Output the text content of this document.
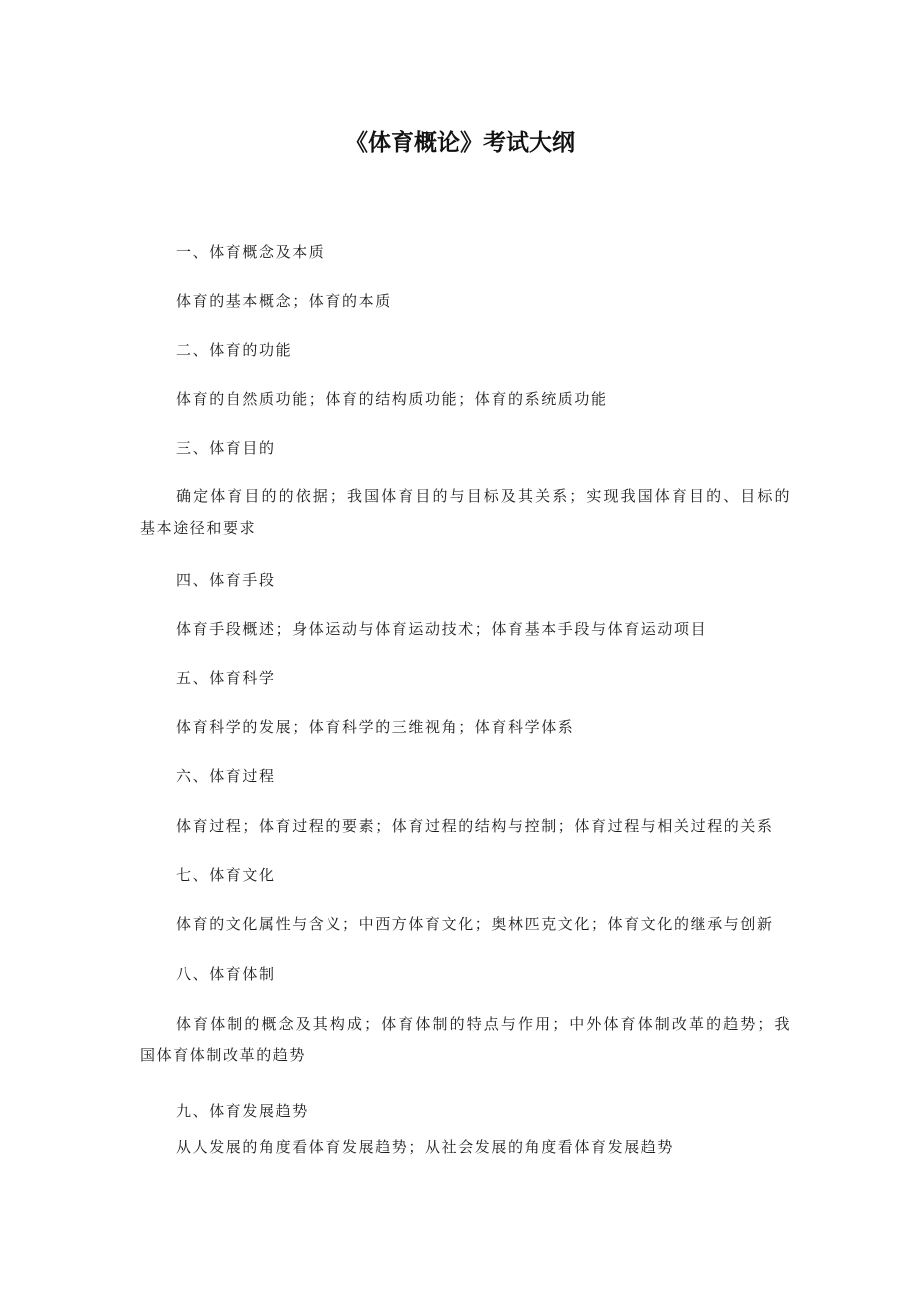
《体育概论》考试大纲
一、体育概念及本质
体育的基本概念；体育的本质
二、体育的功能
体育的自然质功能；体育的结构质功能；体育的系统质功能
三、体育目的
确定体育目的的依据；我国体育目的与目标及其关系；实现我国体育目的、目标的
基本途径和要求
四、体育手段
体育手段概述；身体运动与体育运动技术；体育基本手段与体育运动项目
五、体育科学
体育科学的发展；体育科学的三维视角；体育科学体系
六、体育过程
体育过程；体育过程的要素；体育过程的结构与控制；体育过程与相关过程的关系
七、体育文化
体育的文化属性与含义；中西方体育文化；奥林匹克文化；体育文化的继承与创新
八、体育体制
体育体制的概念及其构成；体育体制的特点与作用；中外体育体制改革的趋势；我
国体育体制改革的趋势
九、体育发展趋势
从人发展的角度看体育发展趋势；从社会发展的角度看体育发展趋势
